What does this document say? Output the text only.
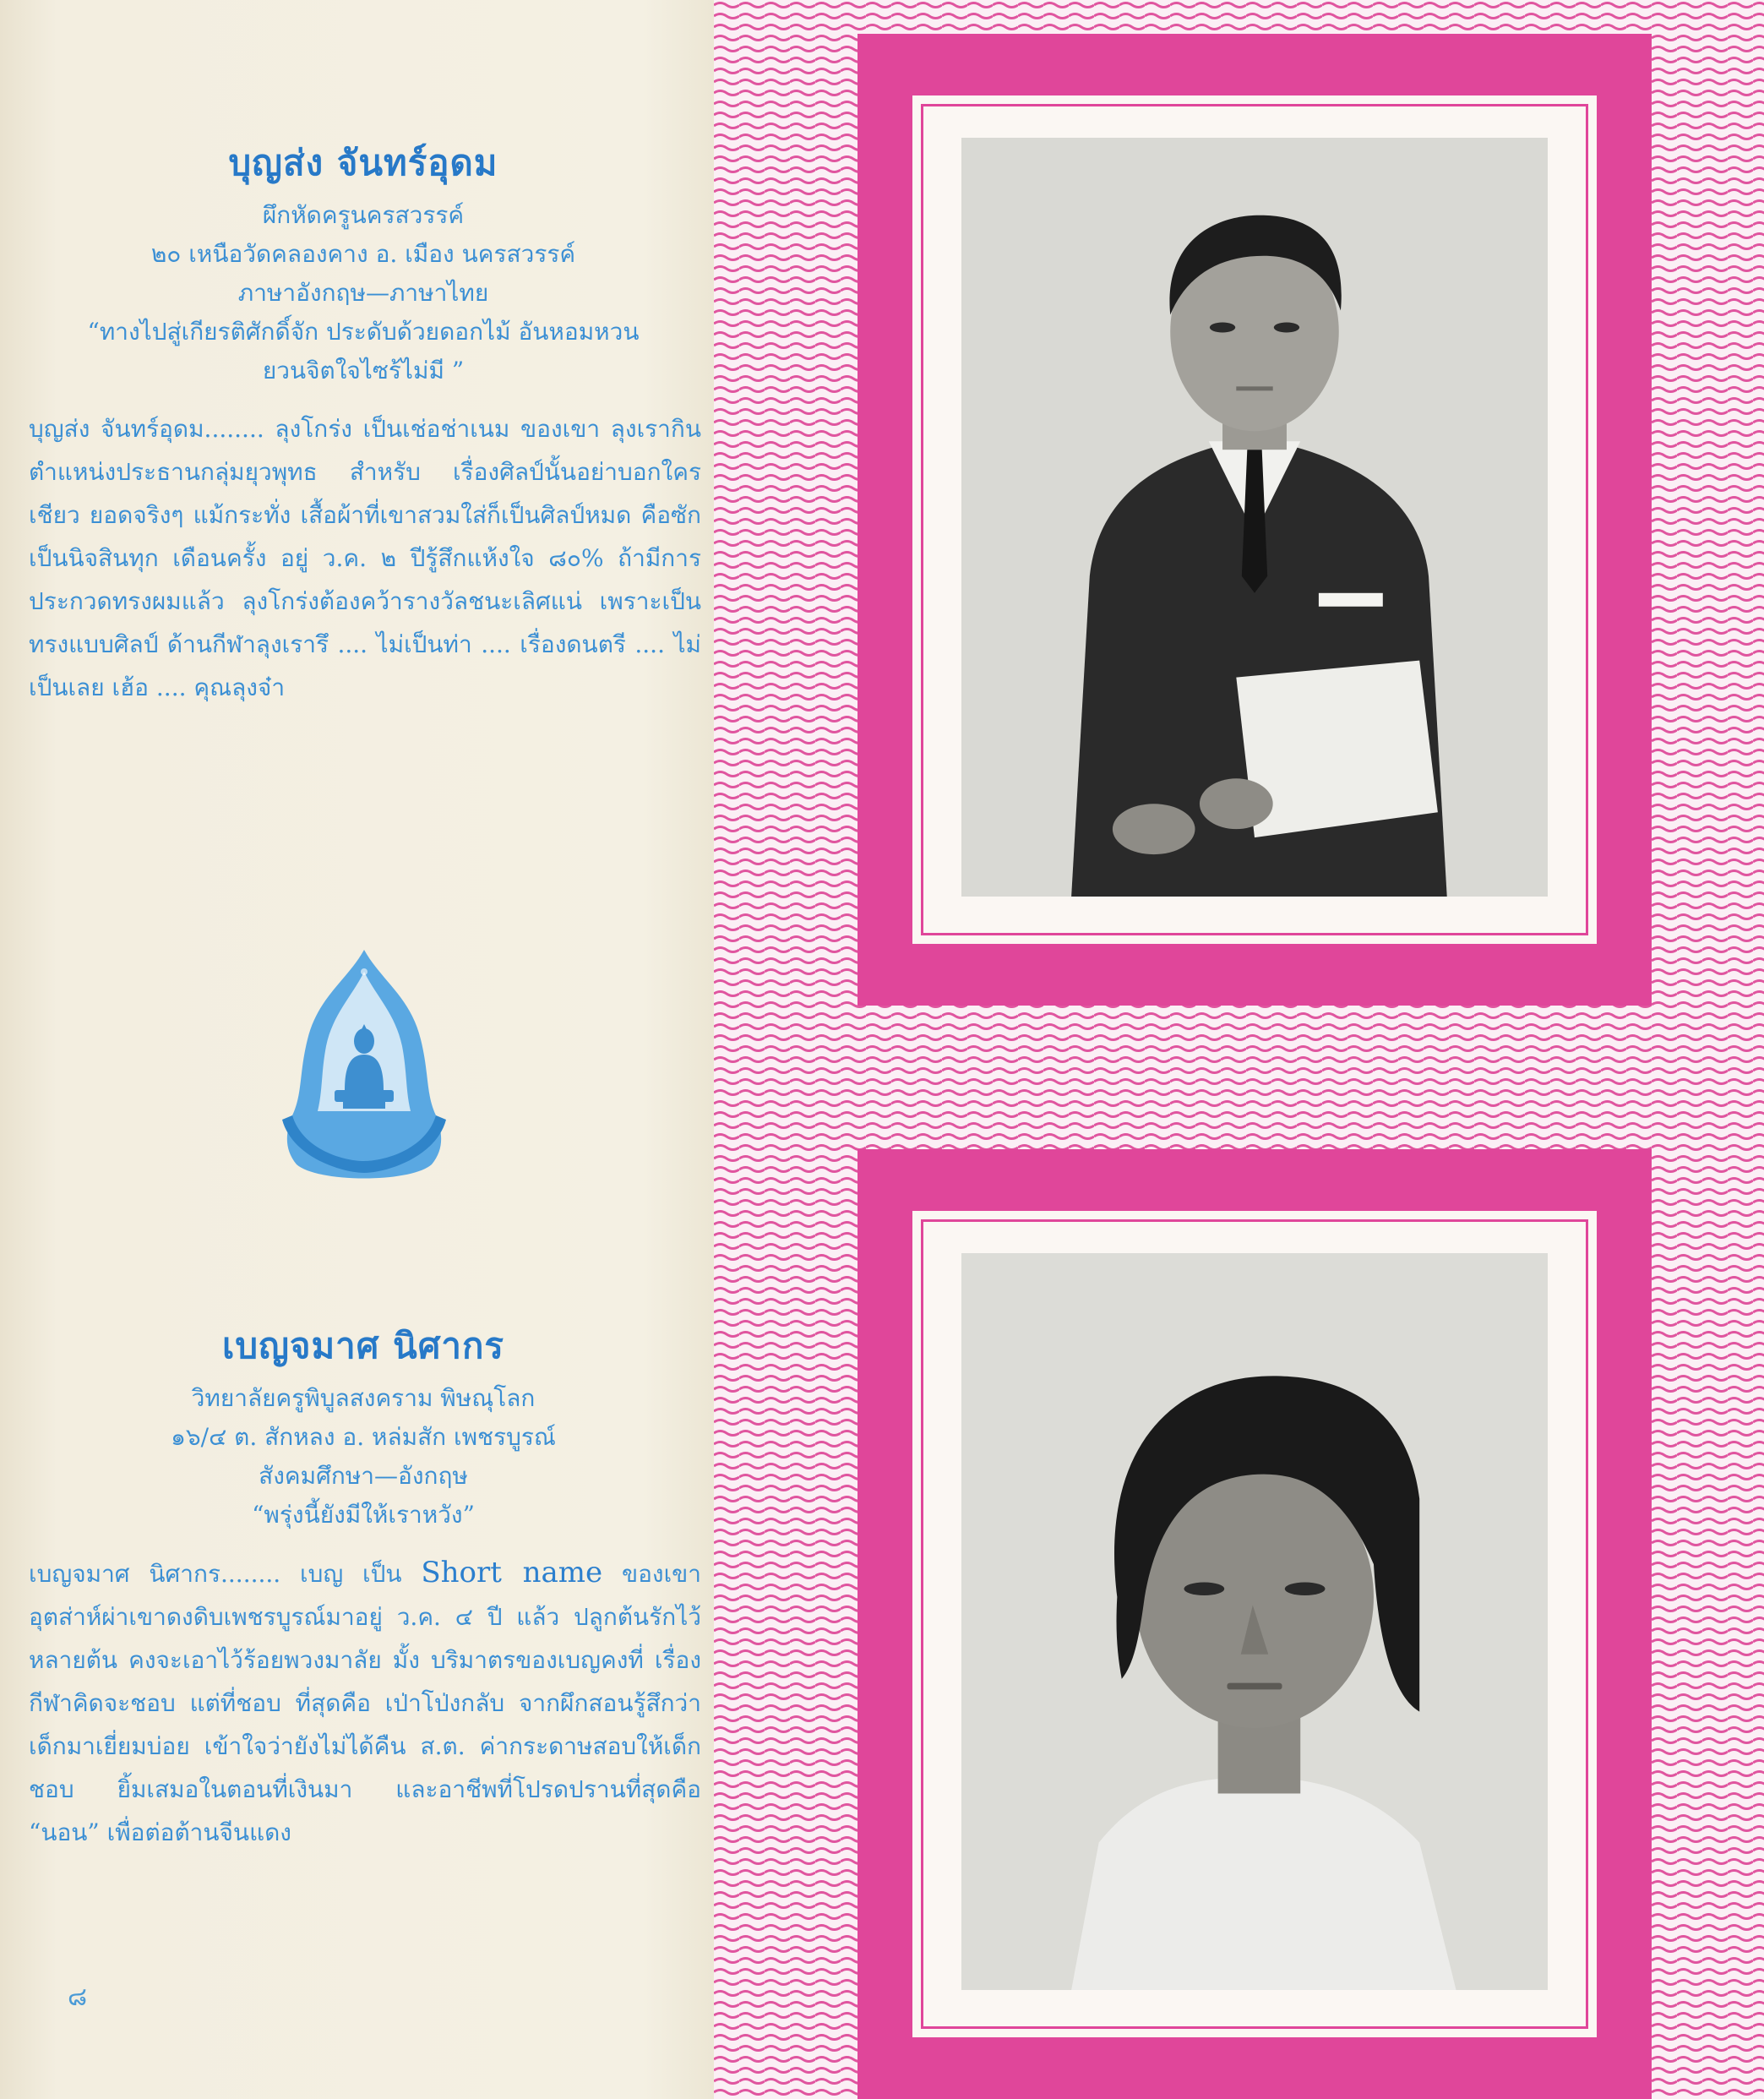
บุญส่ง จันทร์อุดม

ผึกหัดครูนครสวรรค์

๒๐ เหนือวัดคลองคาง อ. เมือง นครสวรรค์

ภาษาอังกฤษ—ภาษาไทย

“ทางไปสู่เกียรติศักดิ์จัก ประดับด้วยดอกไม้ อันหอมหวน

ยวนจิตใจไซร้ไม่มี ”

บุญส่ง จันทร์อุดม........ ลุงโกร่ง เป็นเช่อช่าเนม ของเขา ลุงเรากินตำแหน่งประธานกลุ่มยุวพุทธ สำหรับ เรื่องศิลป์นั้นอย่าบอกใครเชียว ยอดจริงๆ แม้กระทั่ง เสื้อผ้าที่เขาสวมใส่ก็เป็นศิลป์หมด คือซักเป็นนิจสินทุก เดือนครั้ง อยู่ ว.ค. ๒ ปีรู้สึกแห้งใจ ๘๐% ถ้ามีการ ประกวดทรงผมแล้ว ลุงโกร่งต้องคว้ารางวัลชนะเลิศแน่ เพราะเป็นทรงแบบศิลป์ ด้านกีฬาลุงเรารึ .... ไม่เป็นท่า .... เรื่องดนตรี .... ไม่เป็นเลย เฮ้อ .... คุณลุงจ๋า

เบญจมาศ นิศากร

วิทยาลัยครูพิบูลสงคราม พิษณุโลก

๑๖/๔ ต. สักหลง อ. หล่มสัก เพชรบูรณ์

สังคมศึกษา—อังกฤษ

“พรุ่งนี้ยังมีให้เราหวัง”

เบญจมาศ นิศากร........ เบญ เป็น Short name ของเขา อุตส่าห์ผ่าเขาดงดิบเพชรบูรณ์มาอยู่ ว.ค. ๔ ปี แล้ว ปลูกต้นรักไว้หลายต้น คงจะเอาไว้ร้อยพวงมาลัย มั้ง บริมาตรของเบญคงที่ เรื่องกีฬาคิดจะชอบ แต่ที่ชอบ ที่สุดคือ เป่าโป่งกลับ จากผึกสอนรู้สึกว่าเด็กมาเยี่ยมบ่อย เข้าใจว่ายังไม่ได้คืน ส.ต. ค่ากระดาษสอบให้เด็ก ชอบ ยิ้มเสมอในตอนที่เงินมา และอาชีพที่โปรดปรานที่สุดคือ “นอน” เพื่อต่อต้านจีนแดง

๘
